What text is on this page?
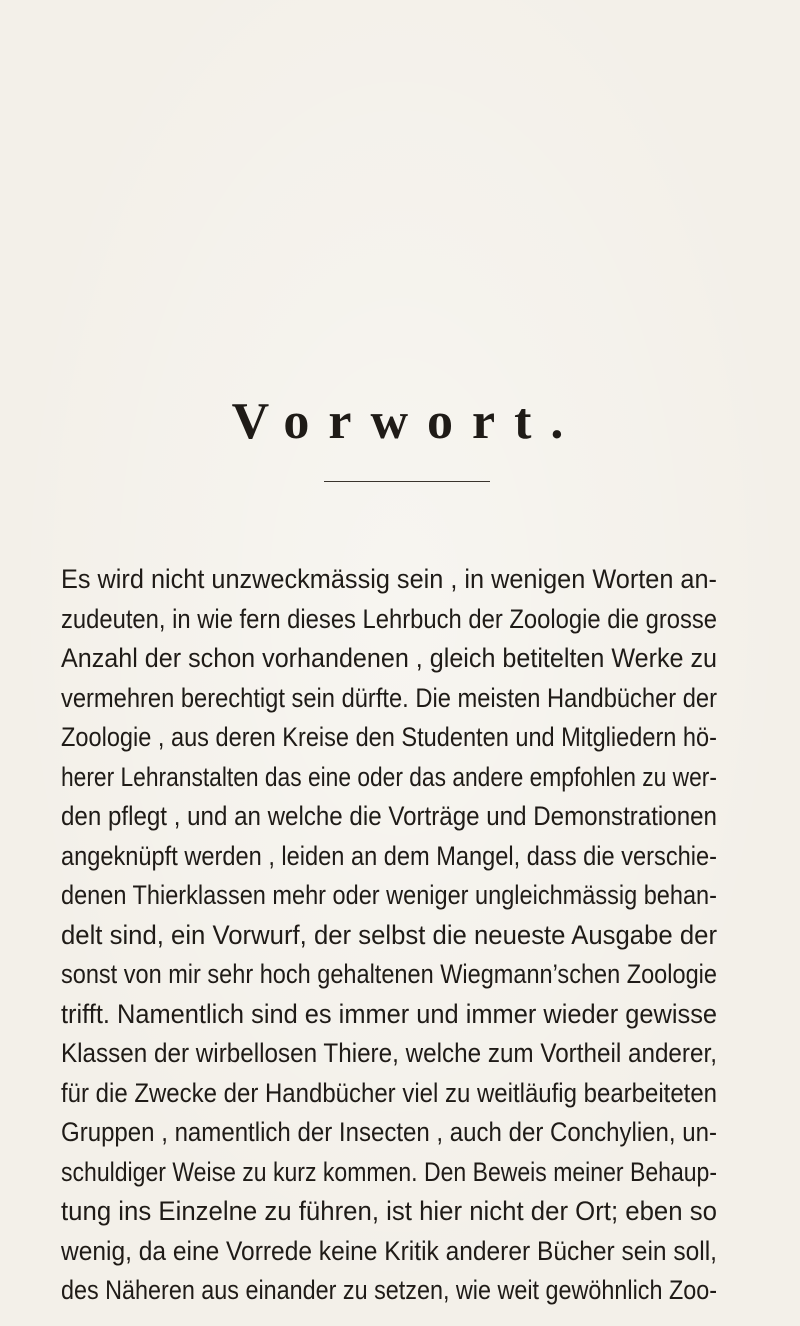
Vorwort.
Es wird nicht unzweckmässig sein , in wenigen Worten an-
zudeuten, in wie fern dieses Lehrbuch der Zoologie die grosse
Anzahl der schon vorhandenen , gleich betitelten Werke zu
vermehren berechtigt sein dürfte. Die meisten Handbücher der
Zoologie , aus deren Kreise den Studenten und Mitgliedern hö-
herer Lehranstalten das eine oder das andere empfohlen zu wer-
den pflegt , und an welche die Vorträge und Demonstrationen
angeknüpft werden , leiden an dem Mangel, dass die verschie-
denen Thierklassen mehr oder weniger ungleichmässig behan-
delt sind, ein Vorwurf, der selbst die neueste Ausgabe der
sonst von mir sehr hoch gehaltenen Wiegmann’schen Zoologie
trifft. Namentlich sind es immer und immer wieder gewisse
Klassen der wirbellosen Thiere, welche zum Vortheil anderer,
für die Zwecke der Handbücher viel zu weitläufig bearbeiteten
Gruppen , namentlich der Insecten , auch der Conchylien, un-
schuldiger Weise zu kurz kommen. Den Beweis meiner Behaup-
tung ins Einzelne zu führen, ist hier nicht der Ort; eben so
wenig, da eine Vorrede keine Kritik anderer Bücher sein soll,
des Näheren aus einander zu setzen, wie weit gewöhnlich Zoo-
